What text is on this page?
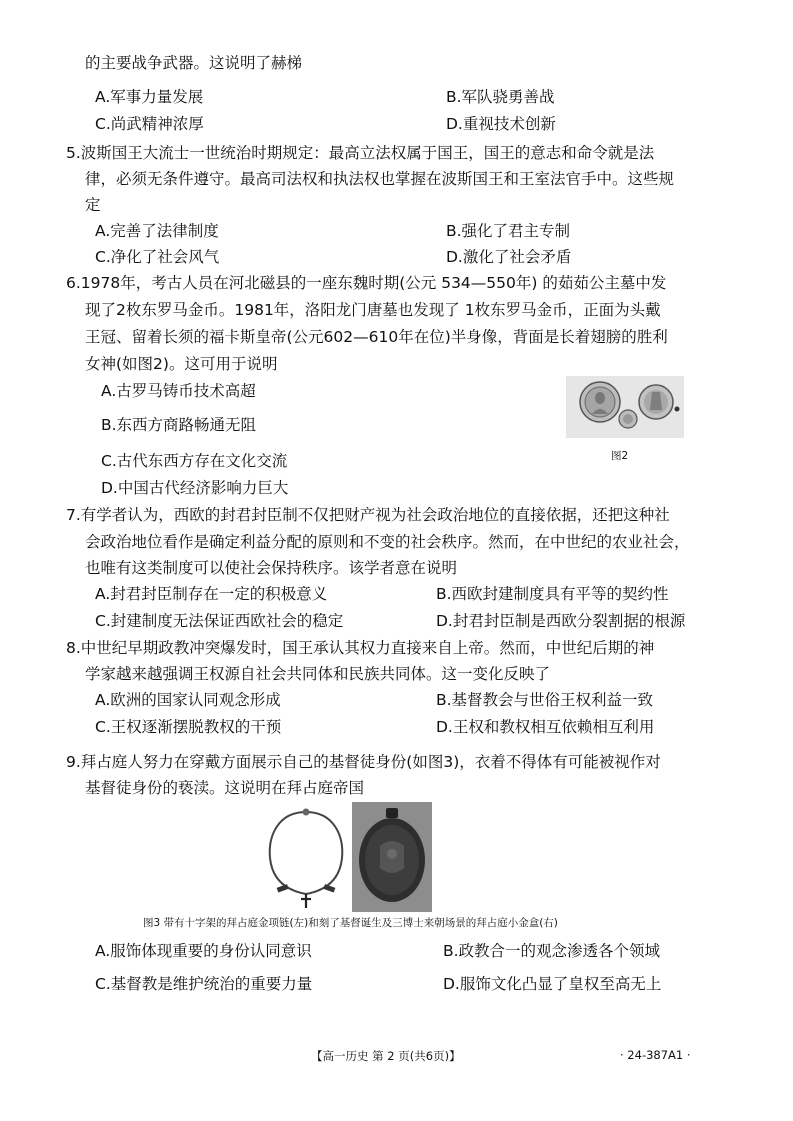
的主要战争武器。这说明了赫梯
A.军事力量发展	B.军队骁勇善战
C.尚武精神浓厚	D.重视技术创新
5.波斯国王大流士一世统治时期规定：最高立法权属于国王，国王的意志和命令就是法
律，必须无条件遵守。最高司法权和执法权也掌握在波斯国王和王室法官手中。这些规
定
A.完善了法律制度	B.强化了君主专制
C.净化了社会风气	D.激化了社会矛盾
6.1978年，考古人员在河北磁县的一座东魏时期(公元 534—550年) 的茹茹公主墓中发
现了2枚东罗马金币。1981年，洛阳龙门唐墓也发现了 1枚东罗马金币，正面为头戴
王冠、留着长须的福卡斯皇帝(公元602—610年在位)半身像，背面是长着翅膀的胜利
女神(如图2)。这可用于说明
A.古罗马铸币技术高超
B.东西方商路畅通无阻
C.古代东西方存在文化交流
D.中国古代经济影响力巨大
图2
7.有学者认为，西欧的封君封臣制不仅把财产视为社会政治地位的直接依据，还把这种社
会政治地位看作是确定利益分配的原则和不变的社会秩序。然而，在中世纪的农业社会，
也唯有这类制度可以使社会保持秩序。该学者意在说明
A.封君封臣制存在一定的积极意义	B.西欧封建制度具有平等的契约性
C.封建制度无法保证西欧社会的稳定	D.封君封臣制是西欧分裂割据的根源
8.中世纪早期政教冲突爆发时，国王承认其权力直接来自上帝。然而，中世纪后期的神
学家越来越强调王权源自社会共同体和民族共同体。这一变化反映了
A.欧洲的国家认同观念形成	B.基督教会与世俗王权利益一致
C.王权逐渐摆脱教权的干预	D.王权和教权相互依赖相互利用
9.拜占庭人努力在穿戴方面展示自己的基督徒身份(如图3)，衣着不得体有可能被视作对
基督徒身份的亵渎。这说明在拜占庭帝国
图3 带有十字架的拜占庭金项链(左)和刻了基督诞生及三博士来朝场景的拜占庭小金盒(右)
A.服饰体现重要的身份认同意识	B.政教合一的观念渗透各个领域
C.基督教是维护统治的重要力量	D.服饰文化凸显了皇权至高无上
【高一历史 第 2 页(共6页)】	· 24-387A1 ·
